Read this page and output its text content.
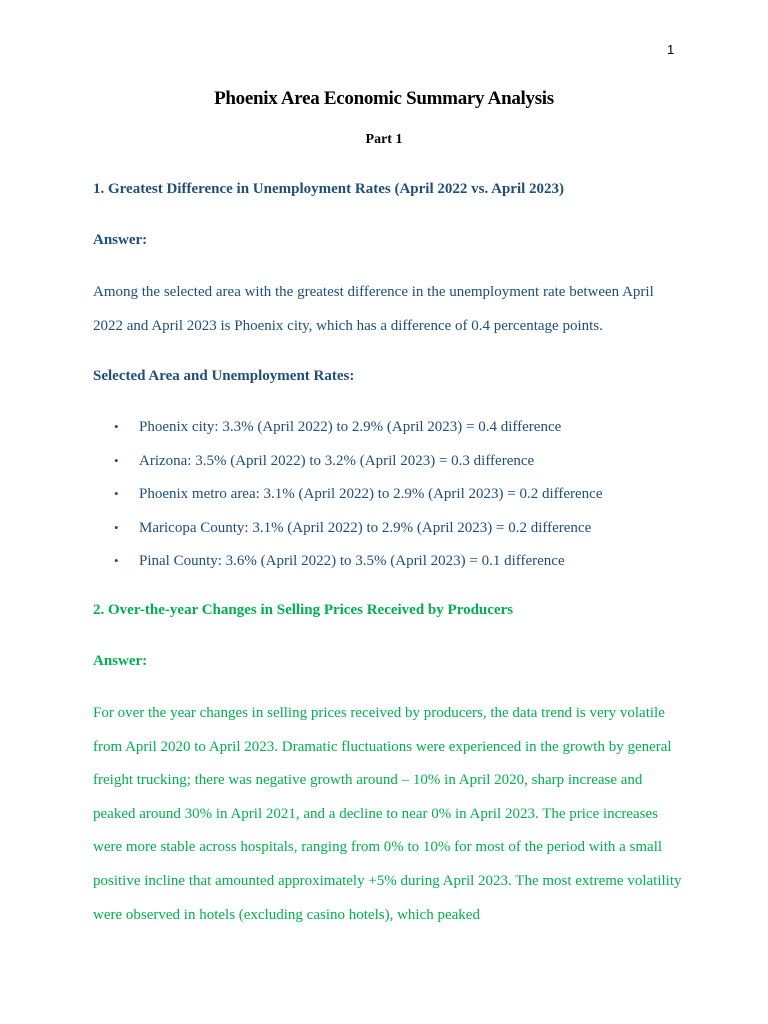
1
Phoenix Area Economic Summary Analysis
Part 1
1. Greatest Difference in Unemployment Rates (April 2022 vs. April 2023)
Answer:
Among the selected area with the greatest difference in the unemployment rate between April 2022 and April 2023 is Phoenix city, which has a difference of 0.4 percentage points.
Selected Area and Unemployment Rates:
• Phoenix city: 3.3% (April 2022) to 2.9% (April 2023) = 0.4 difference
• Arizona: 3.5% (April 2022) to 3.2% (April 2023) = 0.3 difference
• Phoenix metro area: 3.1% (April 2022) to 2.9% (April 2023) = 0.2 difference
• Maricopa County: 3.1% (April 2022) to 2.9% (April 2023) = 0.2 difference
• Pinal County: 3.6% (April 2022) to 3.5% (April 2023) = 0.1 difference
2. Over-the-year Changes in Selling Prices Received by Producers
Answer:
For over the year changes in selling prices received by producers, the data trend is very volatile from April 2020 to April 2023. Dramatic fluctuations were experienced in the growth by general freight trucking; there was negative growth around – 10% in April 2020, sharp increase and peaked around 30% in April 2021, and a decline to near 0% in April 2023. The price increases were more stable across hospitals, ranging from 0% to 10% for most of the period with a small positive incline that amounted approximately +5% during April 2023. The most extreme volatility were observed in hotels (excluding casino hotels), which peaked
